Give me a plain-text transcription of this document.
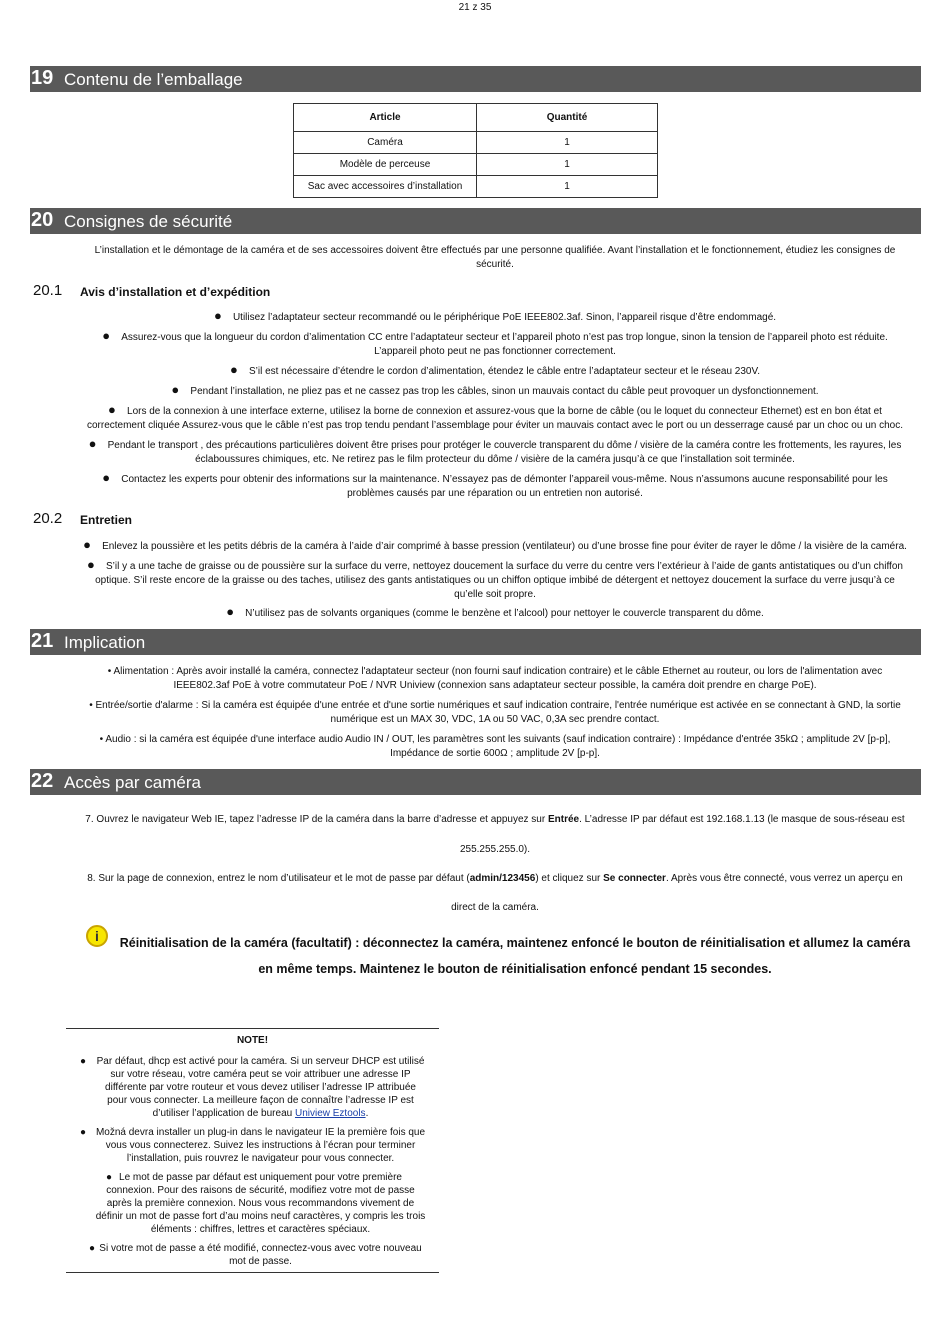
21 z 35
19 Contenu de l’emballage
Article	Quantité
Caméra	1
Modèle de perceuse	1
Sac avec accessoires d’installation	1
20 Consignes de sécurité
L’installation et le démontage de la caméra et de ses accessoires doivent être effectués par une personne qualifiée. Avant l’installation et le fonctionnement, étudiez les consignes de
sécurité.
20.1 Avis d’installation et d’expédition
● Utilisez l’adaptateur secteur recommandé ou le périphérique PoE IEEE802.3af. Sinon, l’appareil risque d’être endommagé.
● Assurez-vous que la longueur du cordon d’alimentation CC entre l’adaptateur secteur et l’appareil photo n’est pas trop longue, sinon la tension de l’appareil photo est réduite.
L’appareil photo peut ne pas fonctionner correctement.
● S’il est nécessaire d’étendre le cordon d’alimentation, étendez le câble entre l’adaptateur secteur et le réseau 230V.
● Pendant l’installation, ne pliez pas et ne cassez pas trop les câbles, sinon un mauvais contact du câble peut provoquer un dysfonctionnement.
● Lors de la connexion à une interface externe, utilisez la borne de connexion et assurez-vous que la borne de câble (ou le loquet du connecteur Ethernet) est en bon état et
correctement cliquée Assurez-vous que le câble n’est pas trop tendu pendant l’assemblage pour éviter un mauvais contact avec le port ou un desserrage causé par un choc ou un choc.
● Pendant le transport , des précautions particulières doivent être prises pour protéger le couvercle transparent du dôme / visière de la caméra contre les frottements, les rayures, les
éclaboussures chimiques, etc. Ne retirez pas le film protecteur du dôme / visière de la caméra jusqu’à ce que l’installation soit terminée.
● Contactez les experts pour obtenir des informations sur la maintenance. N’essayez pas de démonter l’appareil vous-même. Nous n’assumons aucune responsabilité pour les
problèmes causés par une réparation ou un entretien non autorisé.
20.2 Entretien
● Enlevez la poussière et les petits débris de la caméra à l’aide d’air comprimé à basse pression (ventilateur) ou d’une brosse fine pour éviter de rayer le dôme / la visière de la caméra.
● S’il y a une tache de graisse ou de poussière sur la surface du verre, nettoyez doucement la surface du verre du centre vers l’extérieur à l’aide de gants antistatiques ou d’un chiffon
optique. S’il reste encore de la graisse ou des taches, utilisez des gants antistatiques ou un chiffon optique imbibé de détergent et nettoyez doucement la surface du verre jusqu’à ce
qu’elle soit propre.
● N’utilisez pas de solvants organiques (comme le benzène et l’alcool) pour nettoyer le couvercle transparent du dôme.
21 Implication
• Alimentation : Après avoir installé la caméra, connectez l'adaptateur secteur (non fourni sauf indication contraire) et le câble Ethernet au routeur, ou lors de l'alimentation avec
IEEE802.3af PoE à votre commutateur PoE / NVR Uniview (connexion sans adaptateur secteur possible, la caméra doit prendre en charge PoE).
• Entrée/sortie d'alarme : Si la caméra est équipée d'une entrée et d'une sortie numériques et sauf indication contraire, l'entrée numérique est activée en se connectant à GND, la sortie
numérique est un MAX 30, VDC, 1A ou 50 VAC, 0,3A sec prendre contact.
• Audio : si la caméra est équipée d'une interface audio Audio IN / OUT, les paramètres sont les suivants (sauf indication contraire) : Impédance d'entrée 35kΩ ; amplitude 2V [p-p],
Impédance de sortie 600Ω ; amplitude 2V [p-p].
22 Accès par caméra
7. Ouvrez le navigateur Web IE, tapez l’adresse IP de la caméra dans la barre d’adresse et appuyez sur Entrée. L’adresse IP par défaut est 192.168.1.13 (le masque de sous-réseau est
255.255.255.0).
8. Sur la page de connexion, entrez le nom d’utilisateur et le mot de passe par défaut (admin/123456) et cliquez sur Se connecter. Après vous être connecté, vous verrez un aperçu en
direct de la caméra.
i	Réinitialisation de la caméra (facultatif) : déconnectez la caméra, maintenez enfoncé le bouton de réinitialisation et allumez la caméra
en même temps. Maintenez le bouton de réinitialisation enfoncé pendant 15 secondes.
NOTE!
●	Par défaut, dhcp est activé pour la caméra. Si un serveur DHCP est utilisé
sur votre réseau, votre caméra peut se voir attribuer une adresse IP
différente par votre routeur et vous devez utiliser l’adresse IP attribuée
pour vous connecter. La meilleure façon de connaître l’adresse IP est
d’utiliser l’application de bureau Uniview Eztools.
● Možná devra installer un plug-in dans le navigateur IE la première fois que
vous vous connecterez. Suivez les instructions à l’écran pour terminer
l’installation, puis rouvrez le navigateur pour vous connecter.
● Le mot de passe par défaut est uniquement pour votre première
connexion. Pour des raisons de sécurité, modifiez votre mot de passe
après la première connexion. Nous vous recommandons vivement de
définir un mot de passe fort d’au moins neuf caractères, y compris les trois
éléments : chiffres, lettres et caractères spéciaux.
● Si votre mot de passe a été modifié, connectez-vous avec votre nouveau
mot de passe.
